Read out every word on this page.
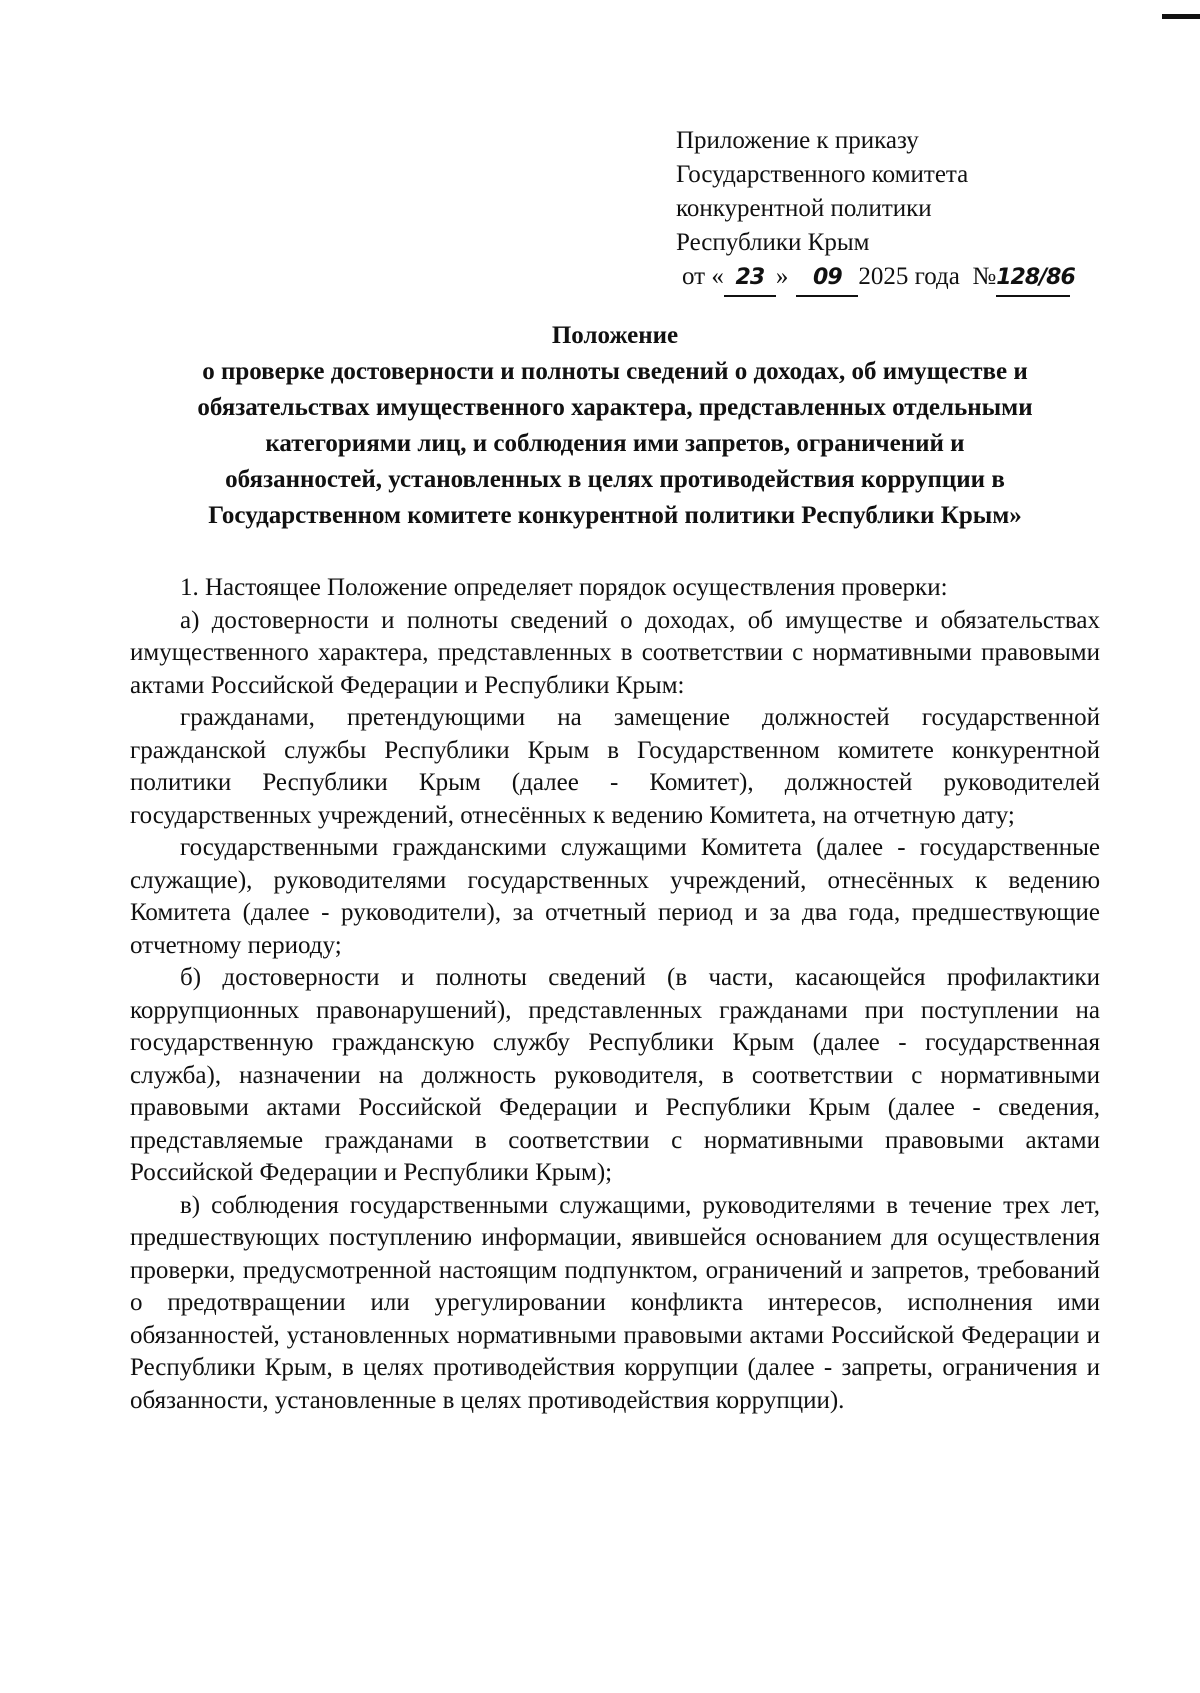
Приложение к приказу
Государственного комитета
конкурентной политики
Республики Крым
от « 23 » 09 2025 года №128/86
Положение
о проверке достоверности и полноты сведений о доходах, об имуществе и
обязательствах имущественного характера, представленных отдельными
категориями лиц, и соблюдения ими запретов, ограничений и
обязанностей, установленных в целях противодействия коррупции в
Государственном комитете конкурентной политики Республики Крым»

1. Настоящее Положение определяет порядок осуществления проверки:

а) достоверности и полноты сведений о доходах, об имуществе и обязательствах имущественного характера, представленных в соответствии с нормативными правовыми актами Российской Федерации и Республики Крым:

гражданами, претендующими на замещение должностей государственной гражданской службы Республики Крым в Государственном комитете конкурентной политики Республики Крым (далее - Комитет), должностей руководителей государственных учреждений, отнесённых к ведению Комитета, на отчетную дату;

государственными гражданскими служащими Комитета (далее - государственные служащие), руководителями государственных учреждений, отнесённых к ведению Комитета (далее - руководители), за отчетный период и за два года, предшествующие отчетному периоду;

б) достоверности и полноты сведений (в части, касающейся профилактики коррупционных правонарушений), представленных гражданами при поступлении на государственную гражданскую службу Республики Крым (далее - государственная служба), назначении на должность руководителя, в соответствии с нормативными правовыми актами Российской Федерации и Республики Крым (далее - сведения, представляемые гражданами в соответствии с нормативными правовыми актами Российской Федерации и Республики Крым);

в) соблюдения государственными служащими, руководителями в течение трех лет, предшествующих поступлению информации, явившейся основанием для осуществления проверки, предусмотренной настоящим подпунктом, ограничений и запретов, требований о предотвращении или урегулировании конфликта интересов, исполнения ими обязанностей, установленных нормативными правовыми актами Российской Федерации и Республики Крым, в целях противодействия коррупции (далее - запреты, ограничения и обязанности, установленные в целях противодействия коррупции).
